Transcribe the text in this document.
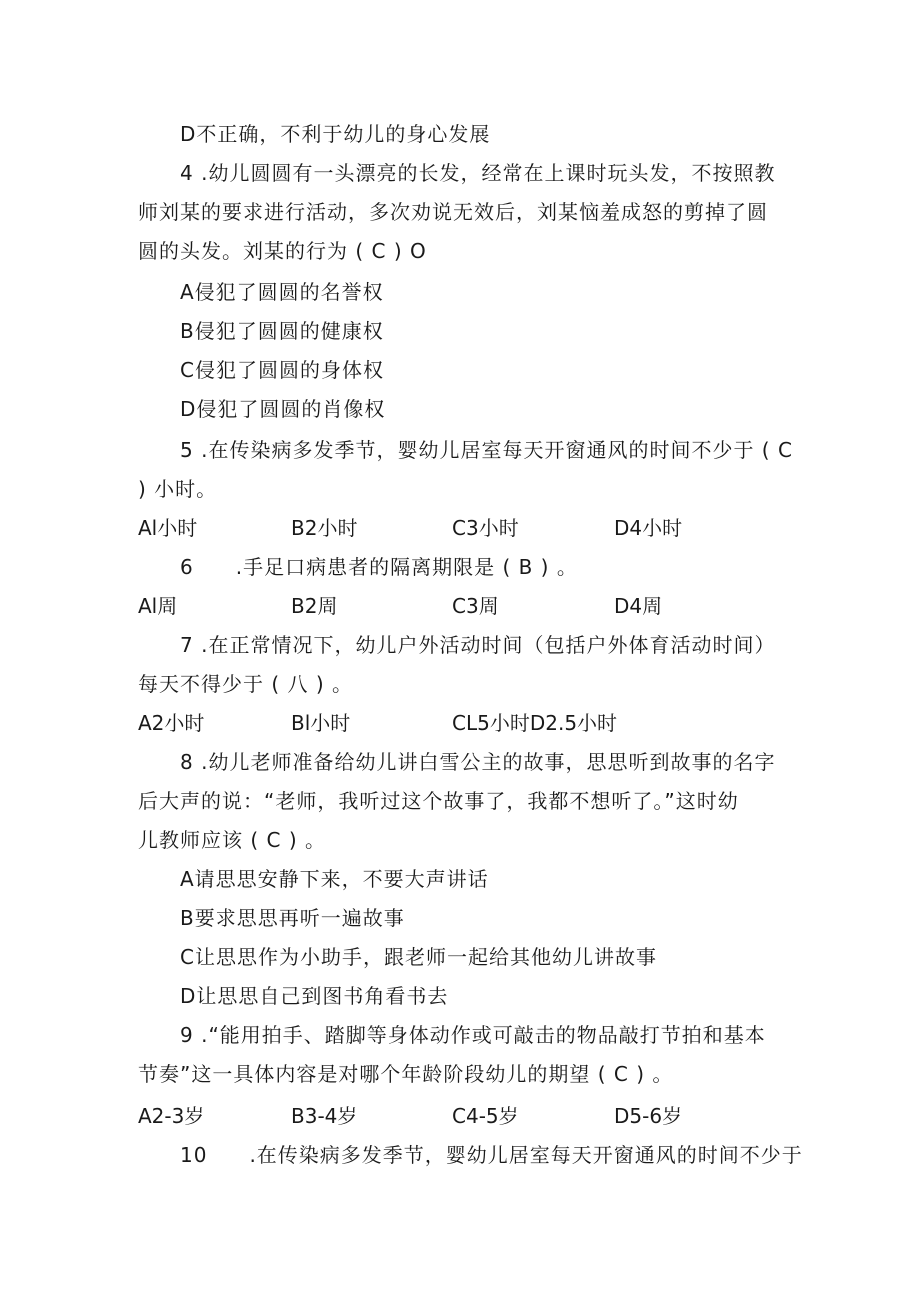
D不正确，不利于幼儿的身心发展
4 .幼儿圆圆有一头漂亮的长发，经常在上课时玩头发，不按照教
师刘某的要求进行活动，多次劝说无效后，刘某恼羞成怒的剪掉了圆
圆的头发。刘某的行为 ( C ) O
A侵犯了圆圆的名誉权
B侵犯了圆圆的健康权
C侵犯了圆圆的身体权
D侵犯了圆圆的肖像权
5 .在传染病多发季节，婴幼儿居室每天开窗通风的时间不少于 ( C
) 小时。
Al小时	B2小时	C3小时	D4小时
6　　.手足口病患者的隔离期限是 ( B ) 。
Al周	B2周	C3周	D4周
7 .在正常情况下，幼儿户外活动时间（包括户外体育活动时间）
每天不得少于 ( 八 ) 。
A2小时	Bl小时	CL5小时D2.5小时
8 .幼儿老师准备给幼儿讲白雪公主的故事，思思听到故事的名字
后大声的说：“老师，我听过这个故事了，我都不想听了。”这时幼
儿教师应该 ( C ) 。
A请思思安静下来，不要大声讲话
B要求思思再听一遍故事
C让思思作为小助手，跟老师一起给其他幼儿讲故事
D让思思自己到图书角看书去
9 .“能用拍手、踏脚等身体动作或可敲击的物品敲打节拍和基本
节奏”这一具体内容是对哪个年龄阶段幼儿的期望 ( C ) 。
A2-3岁	B3-4岁	C4-5岁	D5-6岁
10　　.在传染病多发季节，婴幼儿居室每天开窗通风的时间不少于
